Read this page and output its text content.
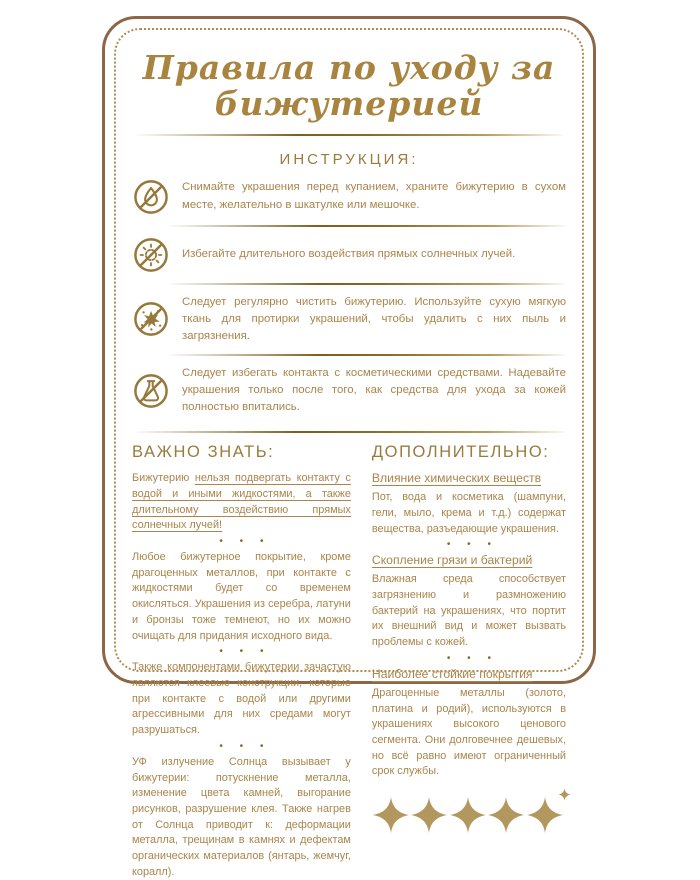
Правила по уходу за бижутерией
ИНСТРУКЦИЯ:

Снимайте украшения перед купанием, храните бижутерию в сухом месте, желательно в шкатулке или мешочке.

Избегайте длительного воздействия прямых солнечных лучей.

Следует регулярно чистить бижутерию. Используйте сухую мягкую ткань для протирки украшений, чтобы удалить с них пыль и загрязнения.

Следует избегать контакта с косметическими средствами. Надевайте украшения только после того, как средства для ухода за кожей полностью впитались.

ВАЖНО ЗНАТЬ:

Бижутерию нельзя подвергать контакту с водой и иными жидкостями, а также длительному воздействию прямых солнечных лучей!

• • •

Любое бижутерное покрытие, кроме драгоценных металлов, при контакте с жидкостями будет со временем окисляться. Украшения из серебра, латуни и бронзы тоже темнеют, но их можно очищать для придания исходного вида.

• • •

Также компонентами бижутерии зачастую являются клеевые конструкции, которые при контакте с водой или другими агрессивными для них средами могут разрушаться.

• • •

УФ излучение Солнца вызывает у бижутерии: потускнение металла, изменение цвета камней, выгорание рисунков, разрушение клея. Также нагрев от Солнца приводит к: деформации металла, трещинам в камнях и дефектам органических материалов (янтарь, жемчуг, коралл).

ДОПОЛНИТЕЛЬНО:
Влияние химических веществ

Пот, вода и косметика (шампуни, гели, мыло, крема и т.д.) содержат вещества, разъедающие украшения.

• • •
Скопление грязи и бактерий

Влажная среда способствует загрязнению и размножению бактерий на украшениях, что портит их внешний вид и может вызвать проблемы с кожей.

• • •
Наиболее стойкие покрытия

Драгоценные металлы (золото, платина и родий), используются в украшениях высокого ценового сегмента. Они долговечнее дешевых, но всё равно имеют ограниченный срок службы.
